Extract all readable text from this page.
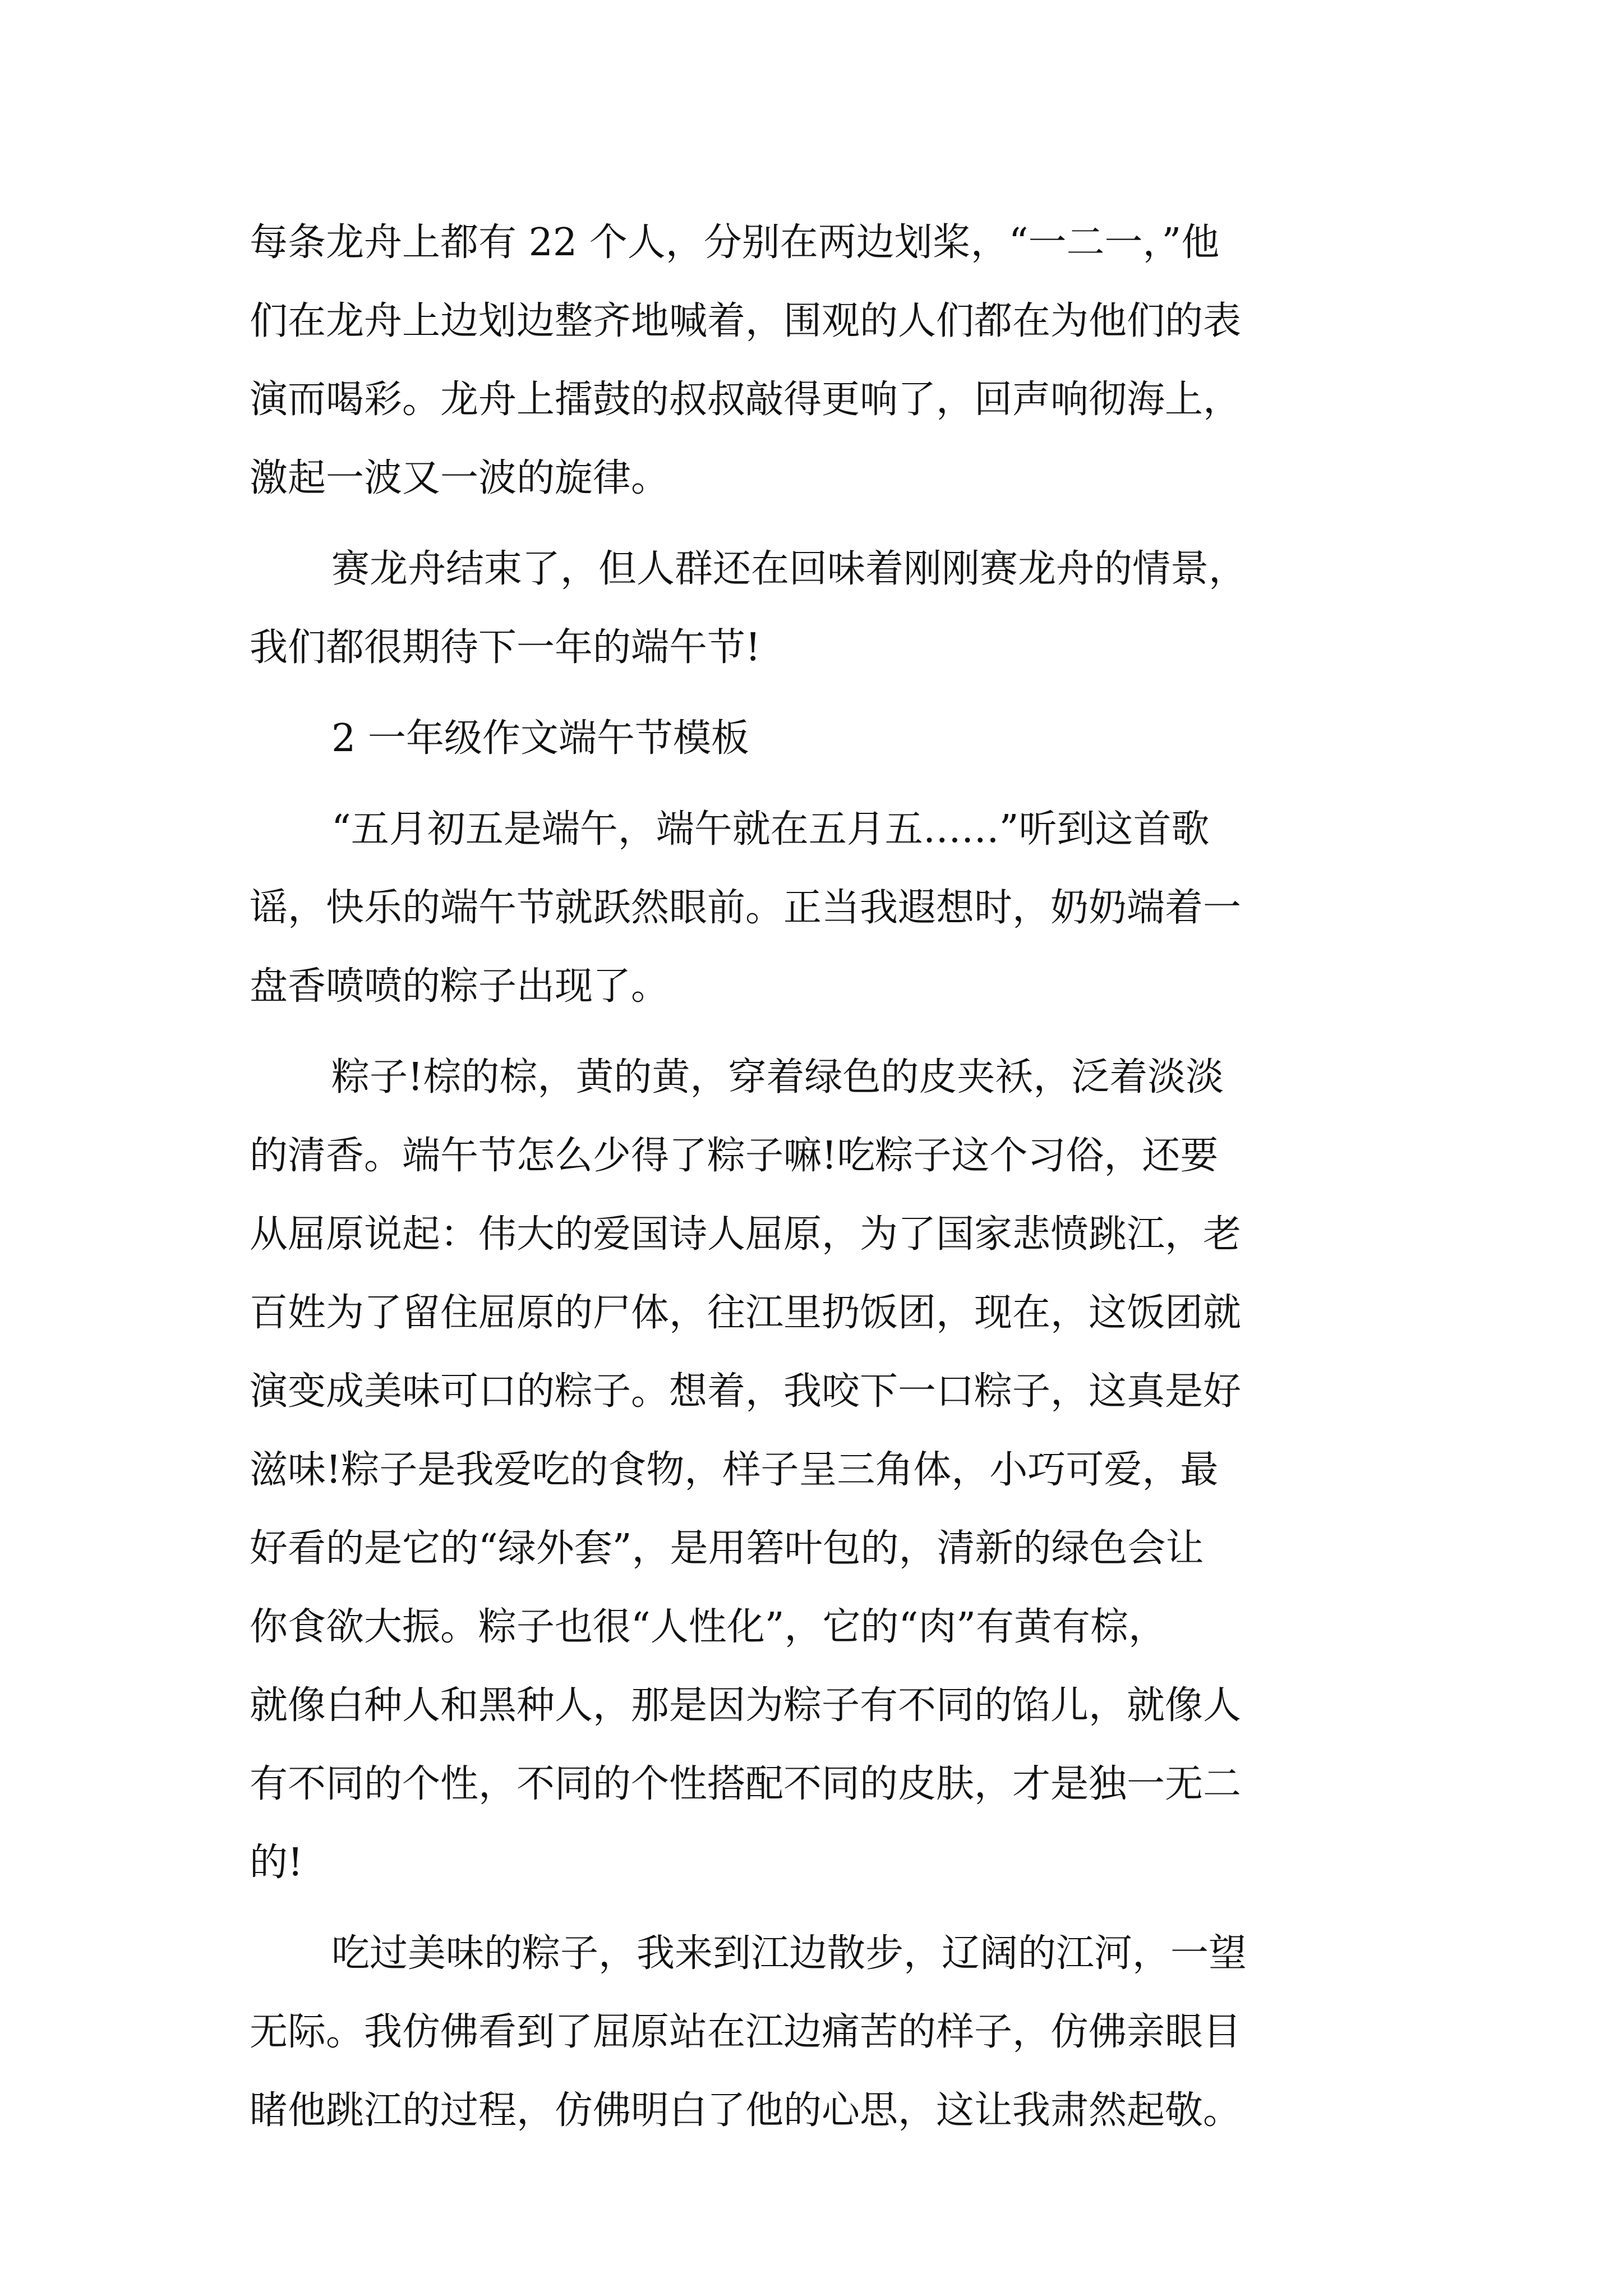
每条龙舟上都有 22 个人，分别在两边划桨，“一二一，”他
们在龙舟上边划边整齐地喊着，围观的人们都在为他们的表
演而喝彩。龙舟上擂鼓的叔叔敲得更响了，回声响彻海上，
激起一波又一波的旋律。
赛龙舟结束了，但人群还在回味着刚刚赛龙舟的情景，
我们都很期待下一年的端午节!
2 一年级作文端午节模板
“五月初五是端午，端午就在五月五……”听到这首歌
谣，快乐的端午节就跃然眼前。正当我遐想时，奶奶端着一
盘香喷喷的粽子出现了。
粽子!棕的棕，黄的黄，穿着绿色的皮夹袄，泛着淡淡
的清香。端午节怎么少得了粽子嘛!吃粽子这个习俗，还要
从屈原说起：伟大的爱国诗人屈原，为了国家悲愤跳江，老
百姓为了留住屈原的尸体，往江里扔饭团，现在，这饭团就
演变成美味可口的粽子。想着，我咬下一口粽子，这真是好
滋味!粽子是我爱吃的食物，样子呈三角体，小巧可爱，最
好看的是它的“绿外套”，是用箬叶包的，清新的绿色会让
你食欲大振。粽子也很“人性化”，它的“肉”有黄有棕，
就像白种人和黑种人，那是因为粽子有不同的馅儿，就像人
有不同的个性，不同的个性搭配不同的皮肤，才是独一无二
的!
吃过美味的粽子，我来到江边散步，辽阔的江河，一望
无际。我仿佛看到了屈原站在江边痛苦的样子，仿佛亲眼目
睹他跳江的过程，仿佛明白了他的心思，这让我肃然起敬。
